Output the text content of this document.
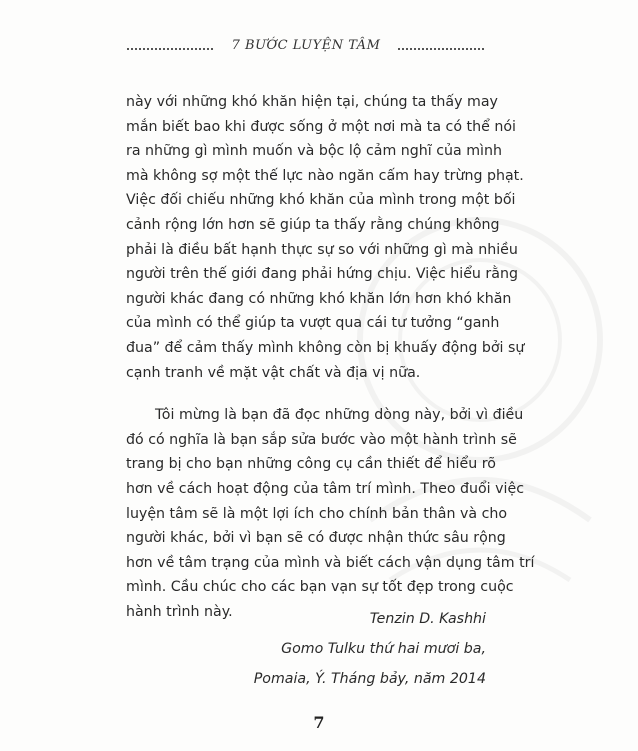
7 BƯỚC LUYỆN TÂM
này với những khó khăn hiện tại, chúng ta thấy may
mắn biết bao khi được sống ở một nơi mà ta có thể nói
ra những gì mình muốn và bộc lộ cảm nghĩ của mình
mà không sợ một thế lực nào ngăn cấm hay trừng phạt.
Việc đối chiếu những khó khăn của mình trong một bối
cảnh rộng lớn hơn sẽ giúp ta thấy rằng chúng không
phải là điều bất hạnh thực sự so với những gì mà nhiều
người trên thế giới đang phải hứng chịu. Việc hiểu rằng
người khác đang có những khó khăn lớn hơn khó khăn
của mình có thể giúp ta vượt qua cái tư tưởng “ganh
đua” để cảm thấy mình không còn bị khuấy động bởi sự
cạnh tranh về mặt vật chất và địa vị nữa.
Tôi mừng là bạn đã đọc những dòng này, bởi vì điều
đó có nghĩa là bạn sắp sửa bước vào một hành trình sẽ
trang bị cho bạn những công cụ cần thiết để hiểu rõ
hơn về cách hoạt động của tâm trí mình. Theo đuổi việc
luyện tâm sẽ là một lợi ích cho chính bản thân và cho
người khác, bởi vì bạn sẽ có được nhận thức sâu rộng
hơn về tâm trạng của mình và biết cách vận dụng tâm trí
mình. Cầu chúc cho các bạn vạn sự tốt đẹp trong cuộc
hành trình này.	Tenzin D. Kashhi
Gomo Tulku thứ hai mươi ba,
Pomaia, Ý. Tháng bảy, năm 2014
7
